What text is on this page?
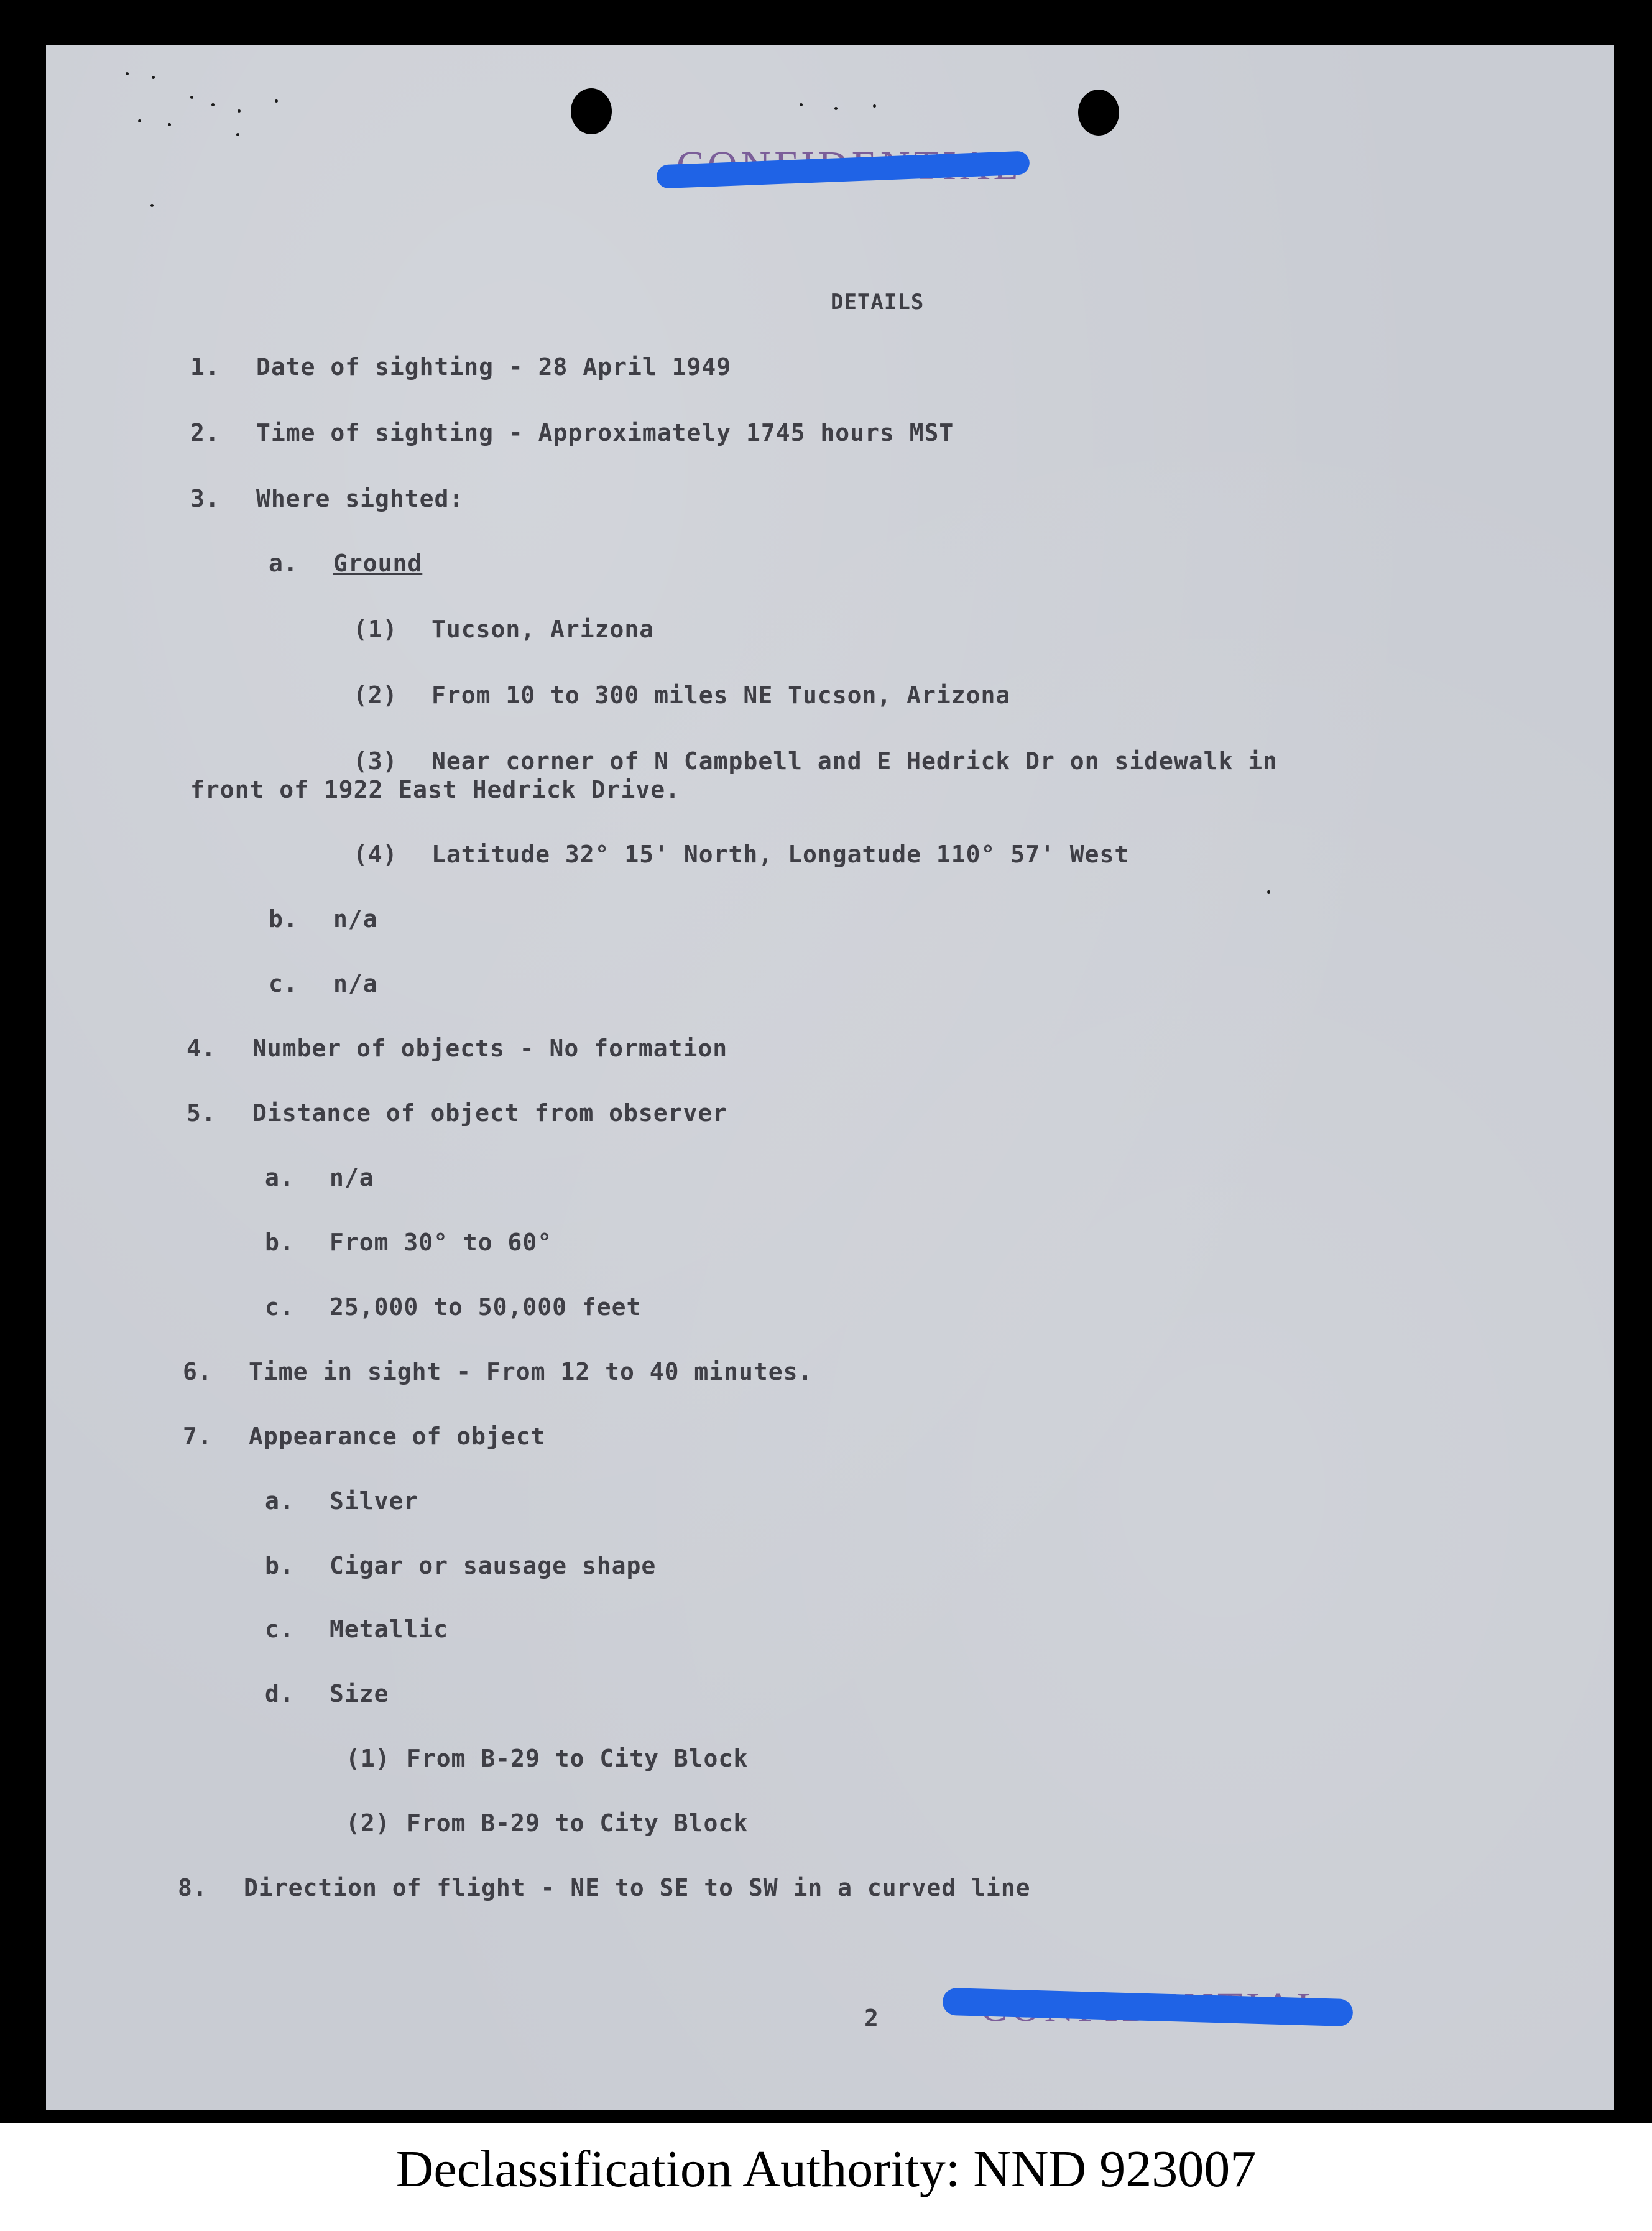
DETAILS
1. Date of sighting - 28 April 1949
2. Time of sighting - Approximately 1745 hours MST
3. Where sighted:
a. Ground
(1) Tucson, Arizona
(2) From 10 to 300 miles NE Tucson, Arizona
(3) Near corner of N Campbell and E Hedrick Dr on sidewalk in
front of 1922 East Hedrick Drive.
(4) Latitude 32° 15' North, Longatude 110° 57' West
b. n/a
c. n/a
4. Number of objects - No formation
5. Distance of object from observer
a. n/a
b. From 30° to 60°
c. 25,000 to 50,000 feet
6. Time in sight - From 12 to 40 minutes.
7. Appearance of object
a. Silver
b. Cigar or sausage shape
c. Metallic
d. Size
(1) From B-29 to City Block
(2) From B-29 to City Block
8. Direction of flight - NE to SE to SW in a curved line
2
Declassification Authority: NND 923007
